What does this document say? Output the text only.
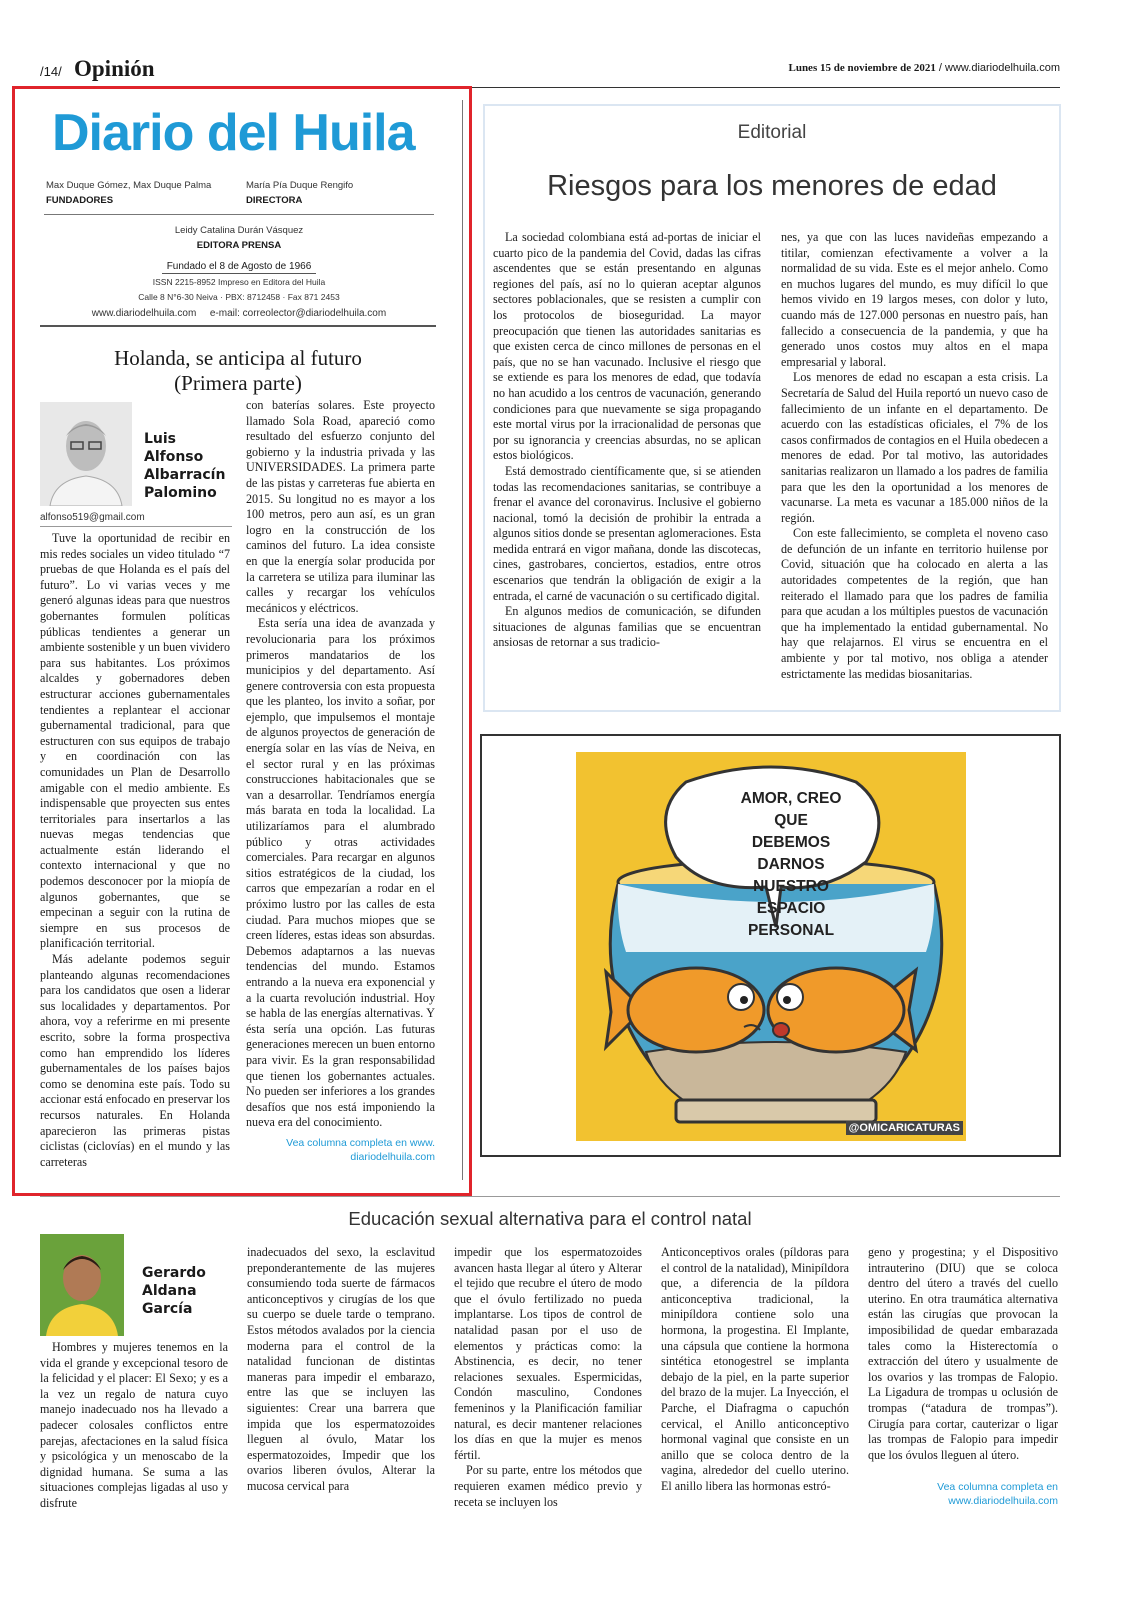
/14/ Opinión	Lunes 15 de noviembre de 2021 / www.diariodelhuila.com
Diario del Huila
Max Duque Gómez, Max Duque Palma
FUNDADORES
María Pía Duque Rengifo
DIRECTORA
Leidy Catalina Durán Vásquez
EDITORA PRENSA
Fundado el 8 de Agosto de 1966
ISSN 2215-8952 Impreso en Editora del Huila
Calle 8 N°6-30 Neiva · PBX: 8712458 · Fax 871 2453
www.diariodelhuila.com e-mail: correolector@diariodelhuila.com
Holanda, se anticipa al futuro
(Primera parte)
Luis
Alfonso
Albarracín
Palomino
alfonso519@gmail.com

Tuve la oportunidad de recibir en mis redes sociales un video titulado “7 pruebas de que Holanda es el país del futuro”. Lo vi varias veces y me generó algunas ideas para que nuestros gobernantes formulen políticas públicas tendientes a generar un ambiente sostenible y un buen vividero para sus habitantes. Los próximos alcaldes y gobernadores deben estructurar acciones gubernamentales tendientes a replantear el accionar gubernamental tradicional, para que estructuren con sus equipos de trabajo y en coordinación con las comunidades un Plan de Desarrollo amigable con el medio ambiente. Es indispensable que proyecten sus entes territoriales para insertarlos a las nuevas megas tendencias que actualmente están liderando el contexto internacional y que no podemos desconocer por la miopía de algunos gobernantes, que se empecinan a seguir con la rutina de siempre en sus procesos de planificación territorial.

Más adelante podemos seguir planteando algunas recomendaciones para los candidatos que osen a liderar sus localidades y departamentos. Por ahora, voy a referirme en mi presente escrito, sobre la forma prospectiva como han emprendido los líderes gubernamentales de los países bajos como se denomina este país. Todo su accionar está enfocado en preservar los recursos naturales. En Holanda aparecieron las primeras pistas ciclistas (ciclovías) en el mundo y las carreteras

con baterías solares. Este proyecto llamado Sola Road, apareció como resultado del esfuerzo conjunto del gobierno y la industria privada y las UNIVERSIDADES. La primera parte de las pistas y carreteras fue abierta en 2015. Su longitud no es mayor a los 100 metros, pero aun así, es un gran logro en la construcción de los caminos del futuro. La idea consiste en que la energía solar producida por la carretera se utiliza para iluminar las calles y recargar los vehículos mecánicos y eléctricos.

Esta sería una idea de avanzada y revolucionaria para los próximos primeros mandatarios de los municipios y del departamento. Así genere controversia con esta propuesta que les planteo, los invito a soñar, por ejemplo, que impulsemos el montaje de algunos proyectos de generación de energía solar en las vías de Neiva, en el sector rural y en las próximas construcciones habitacionales que se van a desarrollar. Tendríamos energía más barata en toda la localidad. La utilizaríamos para el alumbrado público y otras actividades comerciales. Para recargar en algunos sitios estratégicos de la ciudad, los carros que empezarían a rodar en el próximo lustro por las calles de esta ciudad. Para muchos miopes que se creen líderes, estas ideas son absurdas. Debemos adaptarnos a las nuevas tendencias del mundo. Estamos entrando a la nueva era exponencial y a la cuarta revolución industrial. Hoy se habla de las energías alternativas. Y ésta sería una opción. Las futuras generaciones merecen un buen entorno para vivir. Es la gran responsabilidad que tienen los gobernantes actuales. No pueden ser inferiores a los grandes desafíos que nos está imponiendo la nueva era del conocimiento.

Vea columna completa en www.
diariodelhuila.com
Editorial
Riesgos para los menores de edad

La sociedad colombiana está ad-portas de iniciar el cuarto pico de la pandemia del Covid, dadas las cifras ascendentes que se están presentando en algunas regiones del país, así no lo quieran aceptar algunos sectores poblacionales, que se resisten a cumplir con los protocolos de bioseguridad. La mayor preocupación que tienen las autoridades sanitarias es que existen cerca de cinco millones de personas en el país, que no se han vacunado. Inclusive el riesgo que se extiende es para los menores de edad, que todavía no han acudido a los centros de vacunación, generando condiciones para que nuevamente se siga propagando este mortal virus por la irracionalidad de personas que por su ignorancia y creencias absurdas, no se aplican estos biológicos.

Está demostrado científicamente que, si se atienden todas las recomendaciones sanitarias, se contribuye a frenar el avance del coronavirus. Inclusive el gobierno nacional, tomó la decisión de prohibir la entrada a algunos sitios donde se presentan aglomeraciones. Esta medida entrará en vigor mañana, donde las discotecas, cines, gastrobares, conciertos, estadios, entre otros escenarios que tendrán la obligación de exigir a la entrada, el carné de vacunación o su certificado digital.

En algunos medios de comunicación, se difunden situaciones de algunas familias que se encuentran ansiosas de retornar a sus tradicio-

nes, ya que con las luces navideñas empezando a titilar, comienzan efectivamente a volver a la normalidad de su vida. Este es el mejor anhelo. Como en muchos lugares del mundo, es muy difícil lo que hemos vivido en 19 largos meses, con dolor y luto, cuando más de 127.000 personas en nuestro país, han fallecido a consecuencia de la pandemia, y que ha generado unos costos muy altos en el mapa empresarial y laboral.

Los menores de edad no escapan a esta crisis. La Secretaría de Salud del Huila reportó un nuevo caso de fallecimiento de un infante en el departamento. De acuerdo con las estadísticas oficiales, el 7% de los casos confirmados de contagios en el Huila obedecen a menores de edad. Por tal motivo, las autoridades sanitarias realizaron un llamado a los padres de familia para que les den la oportunidad a los menores de vacunarse. La meta es vacunar a 185.000 niños de la región.

Con este fallecimiento, se completa el noveno caso de defunción de un infante en territorio huilense por Covid, situación que ha colocado en alerta a las autoridades competentes de la región, que han reiterado el llamado para que los padres de familia para que acudan a los múltiples puestos de vacunación que ha implementado la entidad gubernamental. No hay que relajarnos. El virus se encuentra en el ambiente y por tal motivo, nos obliga a atender estrictamente las medidas biosanitarias.

AMOR, CREO QUE
DEBEMOS DARNOS
NUESTRO ESPACIO
PERSONAL
@OMICARICATURAS
Educación sexual alternativa para el control natal
Gerardo
Aldana
García

Hombres y mujeres tenemos en la vida el grande y excepcional tesoro de la felicidad y el placer: El Sexo; y es a la vez un regalo de natura cuyo manejo inadecuado nos ha llevado a padecer colosales conflictos entre parejas, afectaciones en la salud física y psicológica y un menoscabo de la dignidad humana. Se suma a las situaciones complejas ligadas al uso y disfrute

inadecuados del sexo, la esclavitud preponderantemente de las mujeres consumiendo toda suerte de fármacos anticonceptivos y cirugías de los que su cuerpo se duele tarde o temprano. Estos métodos avalados por la ciencia moderna para el control de la natalidad funcionan de distintas maneras para impedir el embarazo, entre las que se incluyen las siguientes: Crear una barrera que impida que los espermatozoides lleguen al óvulo, Matar los espermatozoides, Impedir que los ovarios liberen óvulos, Alterar la mucosa cervical para

impedir que los espermatozoides avancen hasta llegar al útero y Alterar el tejido que recubre el útero de modo que el óvulo fertilizado no pueda implantarse. Los tipos de control de natalidad pasan por el uso de elementos y prácticas como: la Abstinencia, es decir, no tener relaciones sexuales. Espermicidas, Condón masculino, Condones femeninos y la Planificación familiar natural, es decir mantener relaciones los días en que la mujer es menos fértil.

Por su parte, entre los métodos que requieren examen médico previo y receta se incluyen los

Anticonceptivos orales (píldoras para el control de la natalidad), Minipíldora que, a diferencia de la píldora anticonceptiva tradicional, la minipíldora contiene solo una hormona, la progestina. El Implante, una cápsula que contiene la hormona sintética etonogestrel se implanta debajo de la piel, en la parte superior del brazo de la mujer. La Inyección, el Parche, el Diafragma o capuchón cervical, el Anillo anticonceptivo hormonal vaginal que consiste en un anillo que se coloca dentro de la vagina, alrededor del cuello uterino. El anillo libera las hormonas estró-

geno y progestina; y el Dispositivo intrauterino (DIU) que se coloca dentro del útero a través del cuello uterino. En otra traumática alternativa están las cirugías que provocan la imposibilidad de quedar embarazada tales como la Histerectomía o extracción del útero y usualmente de los ovarios y las trompas de Falopio. La Ligadura de trompas u oclusión de trompas (“atadura de trompas”). Cirugía para cortar, cauterizar o ligar las trompas de Falopio para impedir que los óvulos lleguen al útero.

Vea columna completa en
www.diariodelhuila.com
